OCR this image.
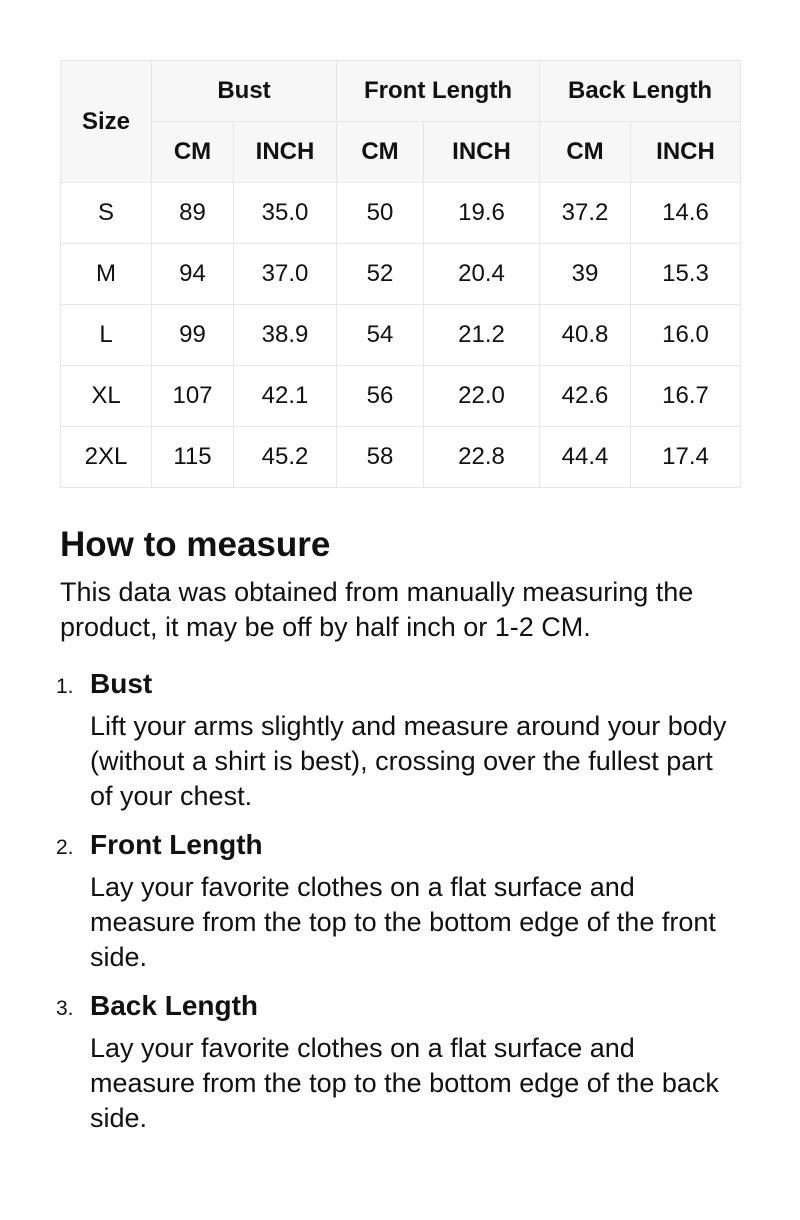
Size	Bust		Front Length		Back Length	
	CM	INCH	CM	INCH	CM	INCH
S	89	35.0	50	19.6	37.2	14.6
M	94	37.0	52	20.4	39	15.3
L	99	38.9	54	21.2	40.8	16.0
XL	107	42.1	56	22.0	42.6	16.7
2XL	115	45.2	58	22.8	44.4	17.4
How to measure

This data was obtained from manually measuring the product, it may be off by half inch or 1-2 CM.

1. Bust

Lift your arms slightly and measure around your body (without a shirt is best), crossing over the fullest part of your chest.

2. Front Length

Lay your favorite clothes on a flat surface and measure from the top to the bottom edge of the front side.

3. Back Length

Lay your favorite clothes on a flat surface and measure from the top to the bottom edge of the back side.
